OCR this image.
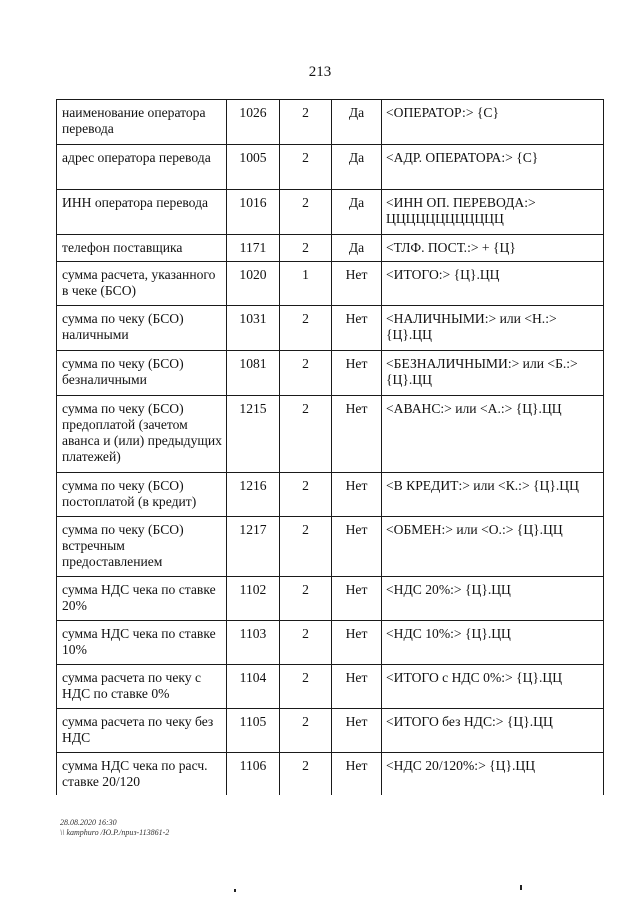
213
наименование оператора перевода	1026	2	Да	<ОПЕРАТОР:> {С}
адрес оператора перевода	1005	2	Да	<АДР. ОПЕРАТОРА:> {С}
ИНН оператора перевода	1016	2	Да	<ИНН ОП. ПЕРЕВОДА:> ЦЦЦЦЦЦЦЦЦЦЦЦ
телефон поставщика	1171	2	Да	<ТЛФ. ПОСТ.:> + {Ц}
сумма расчета, указанного в чеке (БСО)	1020	1	Нет	<ИТОГО:> {Ц}.ЦЦ
сумма по чеку (БСО) наличными	1031	2	Нет	<НАЛИЧНЫМИ:> или <Н.:> {Ц}.ЦЦ
сумма по чеку (БСО) безналичными	1081	2	Нет	<БЕЗНАЛИЧНЫМИ:> или <Б.:> {Ц}.ЦЦ
сумма по чеку (БСО) предоплатой (зачетом аванса и (или) предыдущих платежей)	1215	2	Нет	<АВАНС:> или <А.:> {Ц}.ЦЦ
сумма по чеку (БСО) постоплатой (в кредит)	1216	2	Нет	<В КРЕДИТ:> или <К.:> {Ц}.ЦЦ
сумма по чеку (БСО) встречным предоставлением	1217	2	Нет	<ОБМЕН:> или <О.:> {Ц}.ЦЦ
сумма НДС чека по ставке 20%	1102	2	Нет	<НДС 20%:> {Ц}.ЦЦ
сумма НДС чека по ставке 10%	1103	2	Нет	<НДС 10%:> {Ц}.ЦЦ
сумма расчета по чеку с НДС по ставке 0%	1104	2	Нет	<ИТОГО с НДС 0%:> {Ц}.ЦЦ
сумма расчета по чеку без НДС	1105	2	Нет	<ИТОГО без НДС:> {Ц}.ЦЦ
сумма НДС чека по расч. ставке 20/120	1106	2	Нет	<НДС 20/120%:> {Ц}.ЦЦ
28.08.2020 16:30
\\ kamphuro /Ю.Р./приз-113861-2
